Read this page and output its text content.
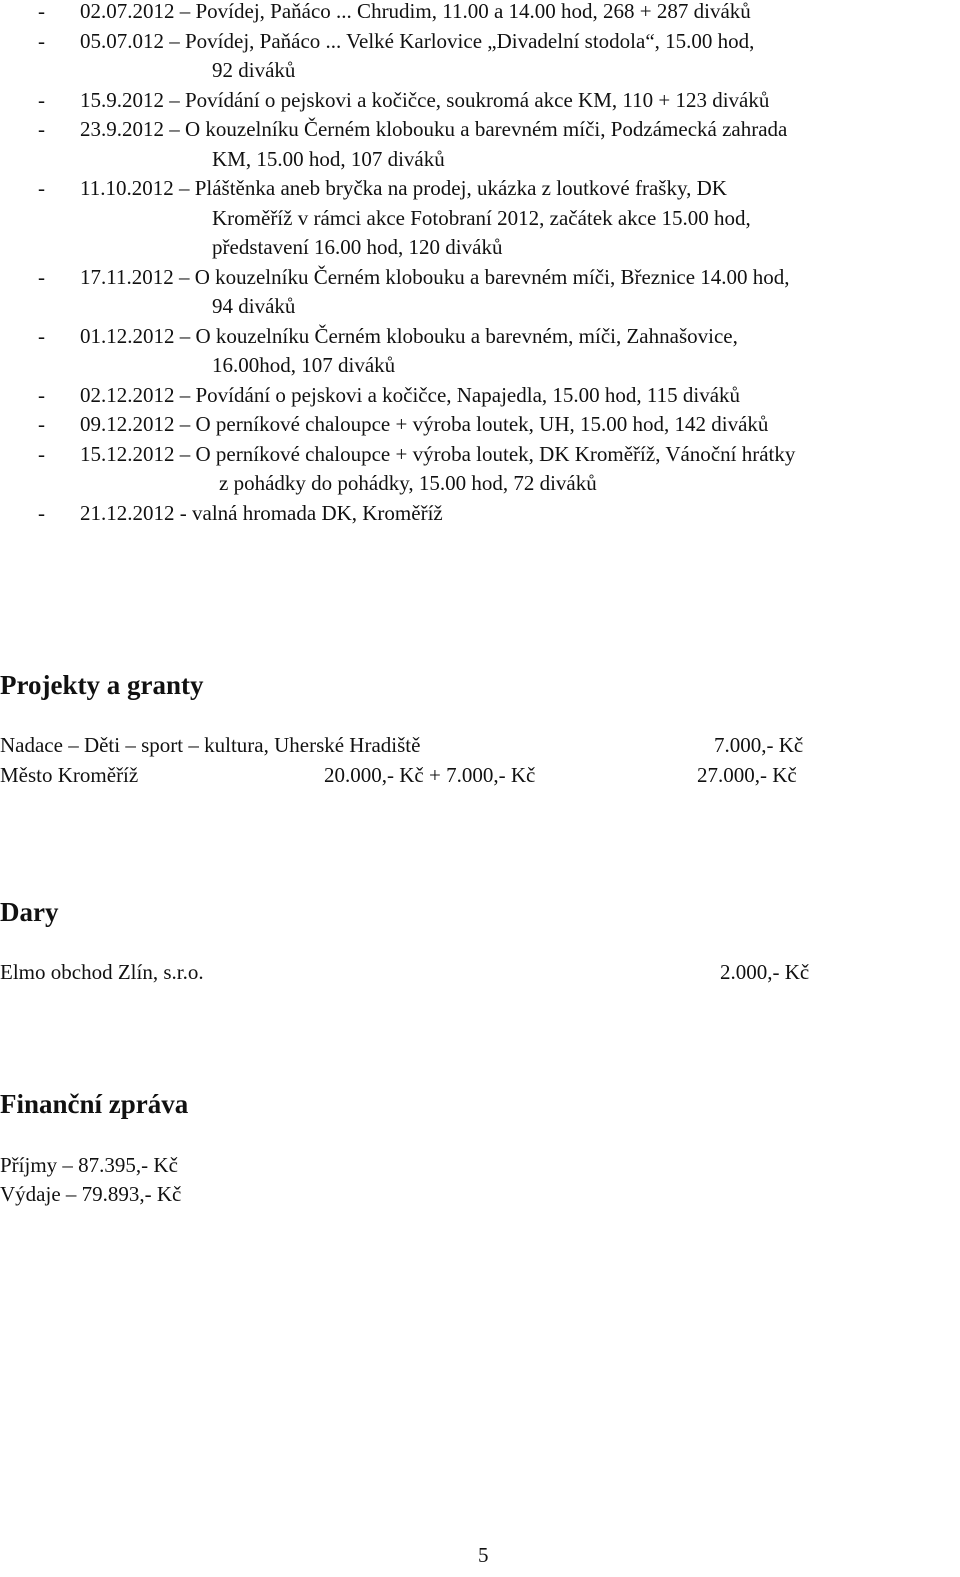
-	02.07.2012 – Povídej, Paňáco ... Chrudim, 11.00 a 14.00 hod, 268 + 287 diváků
-	05.07.012 – Povídej, Paňáco ... Velké Karlovice „Divadelní stodola“, 15.00 hod,
92 diváků
-	15.9.2012 – Povídání o pejskovi a kočičce, soukromá akce KM, 110 + 123 diváků
-	23.9.2012 – O kouzelníku Černém klobouku a barevném míči, Podzámecká zahrada
KM, 15.00 hod, 107 diváků
-	11.10.2012 – Pláštěnka aneb bryčka na prodej, ukázka z loutkové frašky, DK
Kroměříž v rámci akce Fotobraní 2012, začátek akce 15.00 hod,
představení 16.00 hod, 120 diváků
-	17.11.2012 – O kouzelníku Černém klobouku a barevném míči, Březnice 14.00 hod,
94 diváků
-	01.12.2012 – O kouzelníku Černém klobouku a barevném, míči, Zahnašovice,
16.00hod, 107 diváků
-	02.12.2012 – Povídání o pejskovi a kočičce, Napajedla, 15.00 hod, 115 diváků
-	09.12.2012 – O perníkové chaloupce + výroba loutek, UH, 15.00 hod, 142 diváků
-	15.12.2012 – O perníkové chaloupce + výroba loutek, DK Kroměříž, Vánoční hrátky
z pohádky do pohádky, 15.00 hod, 72 diváků
-	21.12.2012 - valná hromada DK, Kroměříž
Projekty a granty
Nadace – Děti – sport – kultura, Uherské Hradiště	7.000,- Kč
Město Kroměříž	20.000,- Kč + 7.000,- Kč	27.000,- Kč
Dary
Elmo obchod Zlín, s.r.o.	2.000,- Kč
Finanční zpráva
Příjmy – 87.395,- Kč
Výdaje – 79.893,- Kč
5
